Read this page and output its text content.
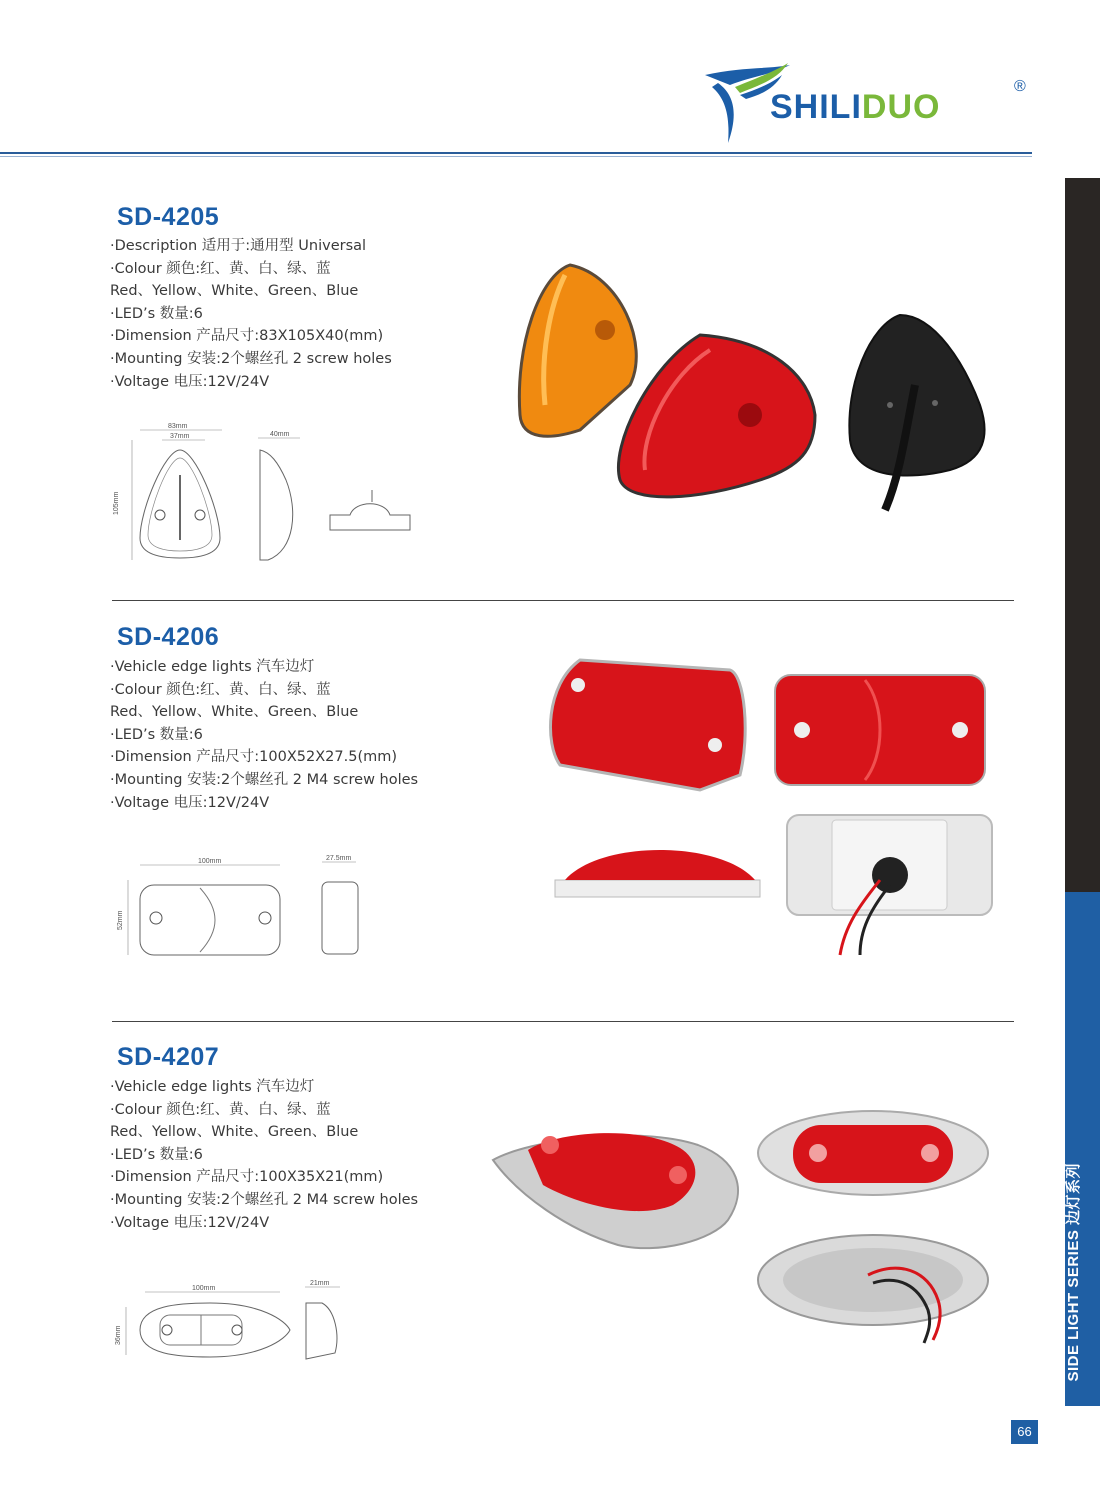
SHILIDUO
®
SIDE LIGHT SERIES 边灯系列
66
SD-4205
·Description 适用于:通用型 Universal
·Colour 颜色:红、黄、白、绿、蓝
Red、Yellow、White、Green、Blue
·LED’s 数量:6
·Dimension 产品尺寸:83X105X40(mm)
·Mounting 安装:2个螺丝孔 2 screw holes
·Voltage 电压:12V/24V
83mm
37mm
105mm
40mm
SD-4206
·Vehicle edge lights 汽车边灯
·Colour 颜色:红、黄、白、绿、蓝
Red、Yellow、White、Green、Blue
·LED’s 数量:6
·Dimension 产品尺寸:100X52X27.5(mm)
·Mounting 安装:2个螺丝孔 2 M4 screw holes
·Voltage 电压:12V/24V
100mm
52mm
27.5mm
SD-4207
·Vehicle edge lights 汽车边灯
·Colour 颜色:红、黄、白、绿、蓝
Red、Yellow、White、Green、Blue
·LED’s 数量:6
·Dimension 产品尺寸:100X35X21(mm)
·Mounting 安装:2个螺丝孔 2 M4 screw holes
·Voltage 电压:12V/24V
100mm
36mm
21mm
